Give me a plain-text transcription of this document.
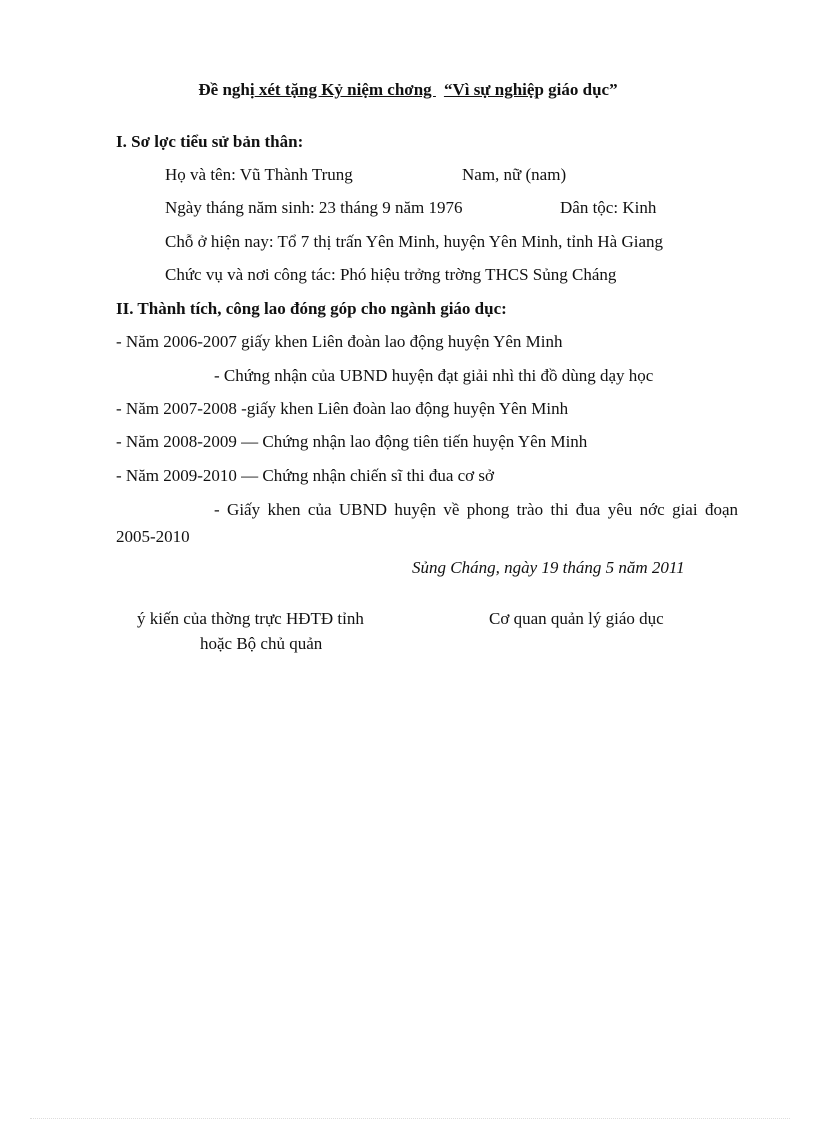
Đề nghị xét tặng Kỷ niệm chơng “Vì sự nghiệp giáo dục”
I. Sơ lợc tiểu sử bản thân:
Họ và tên: Vũ Thành Trung	Nam, nữ (nam)
Ngày tháng năm sinh: 23 tháng 9 năm 1976	Dân tộc: Kinh
Chỗ ở hiện nay: Tổ 7 thị trấn Yên Minh, huyện Yên Minh, tỉnh Hà Giang
Chức vụ và nơi công tác: Phó hiệu trởng trờng THCS Sủng Cháng
II. Thành tích, công lao đóng góp cho ngành giáo dục:
- Năm 2006-2007 giấy khen Liên đoàn lao động huyện Yên Minh
- Chứng nhận của UBND huyện đạt giải nhì thi đồ dùng dạy học
- Năm 2007-2008 -giấy khen Liên đoàn lao động huyện Yên Minh
- Năm 2008-2009 — Chứng nhận lao động tiên tiến huyện Yên Minh
- Năm 2009-2010 — Chứng nhận chiến sĩ thi đua cơ sở
- Giấy khen của UBND huyện về phong trào thi đua yêu nớc giai đoạn 2005-2010
Sủng Cháng, ngày 19 tháng 5 năm 2011
ý kiến của thờng trực HĐTĐ tỉnh
hoặc Bộ chủ quản
Cơ quan quản lý giáo dục
